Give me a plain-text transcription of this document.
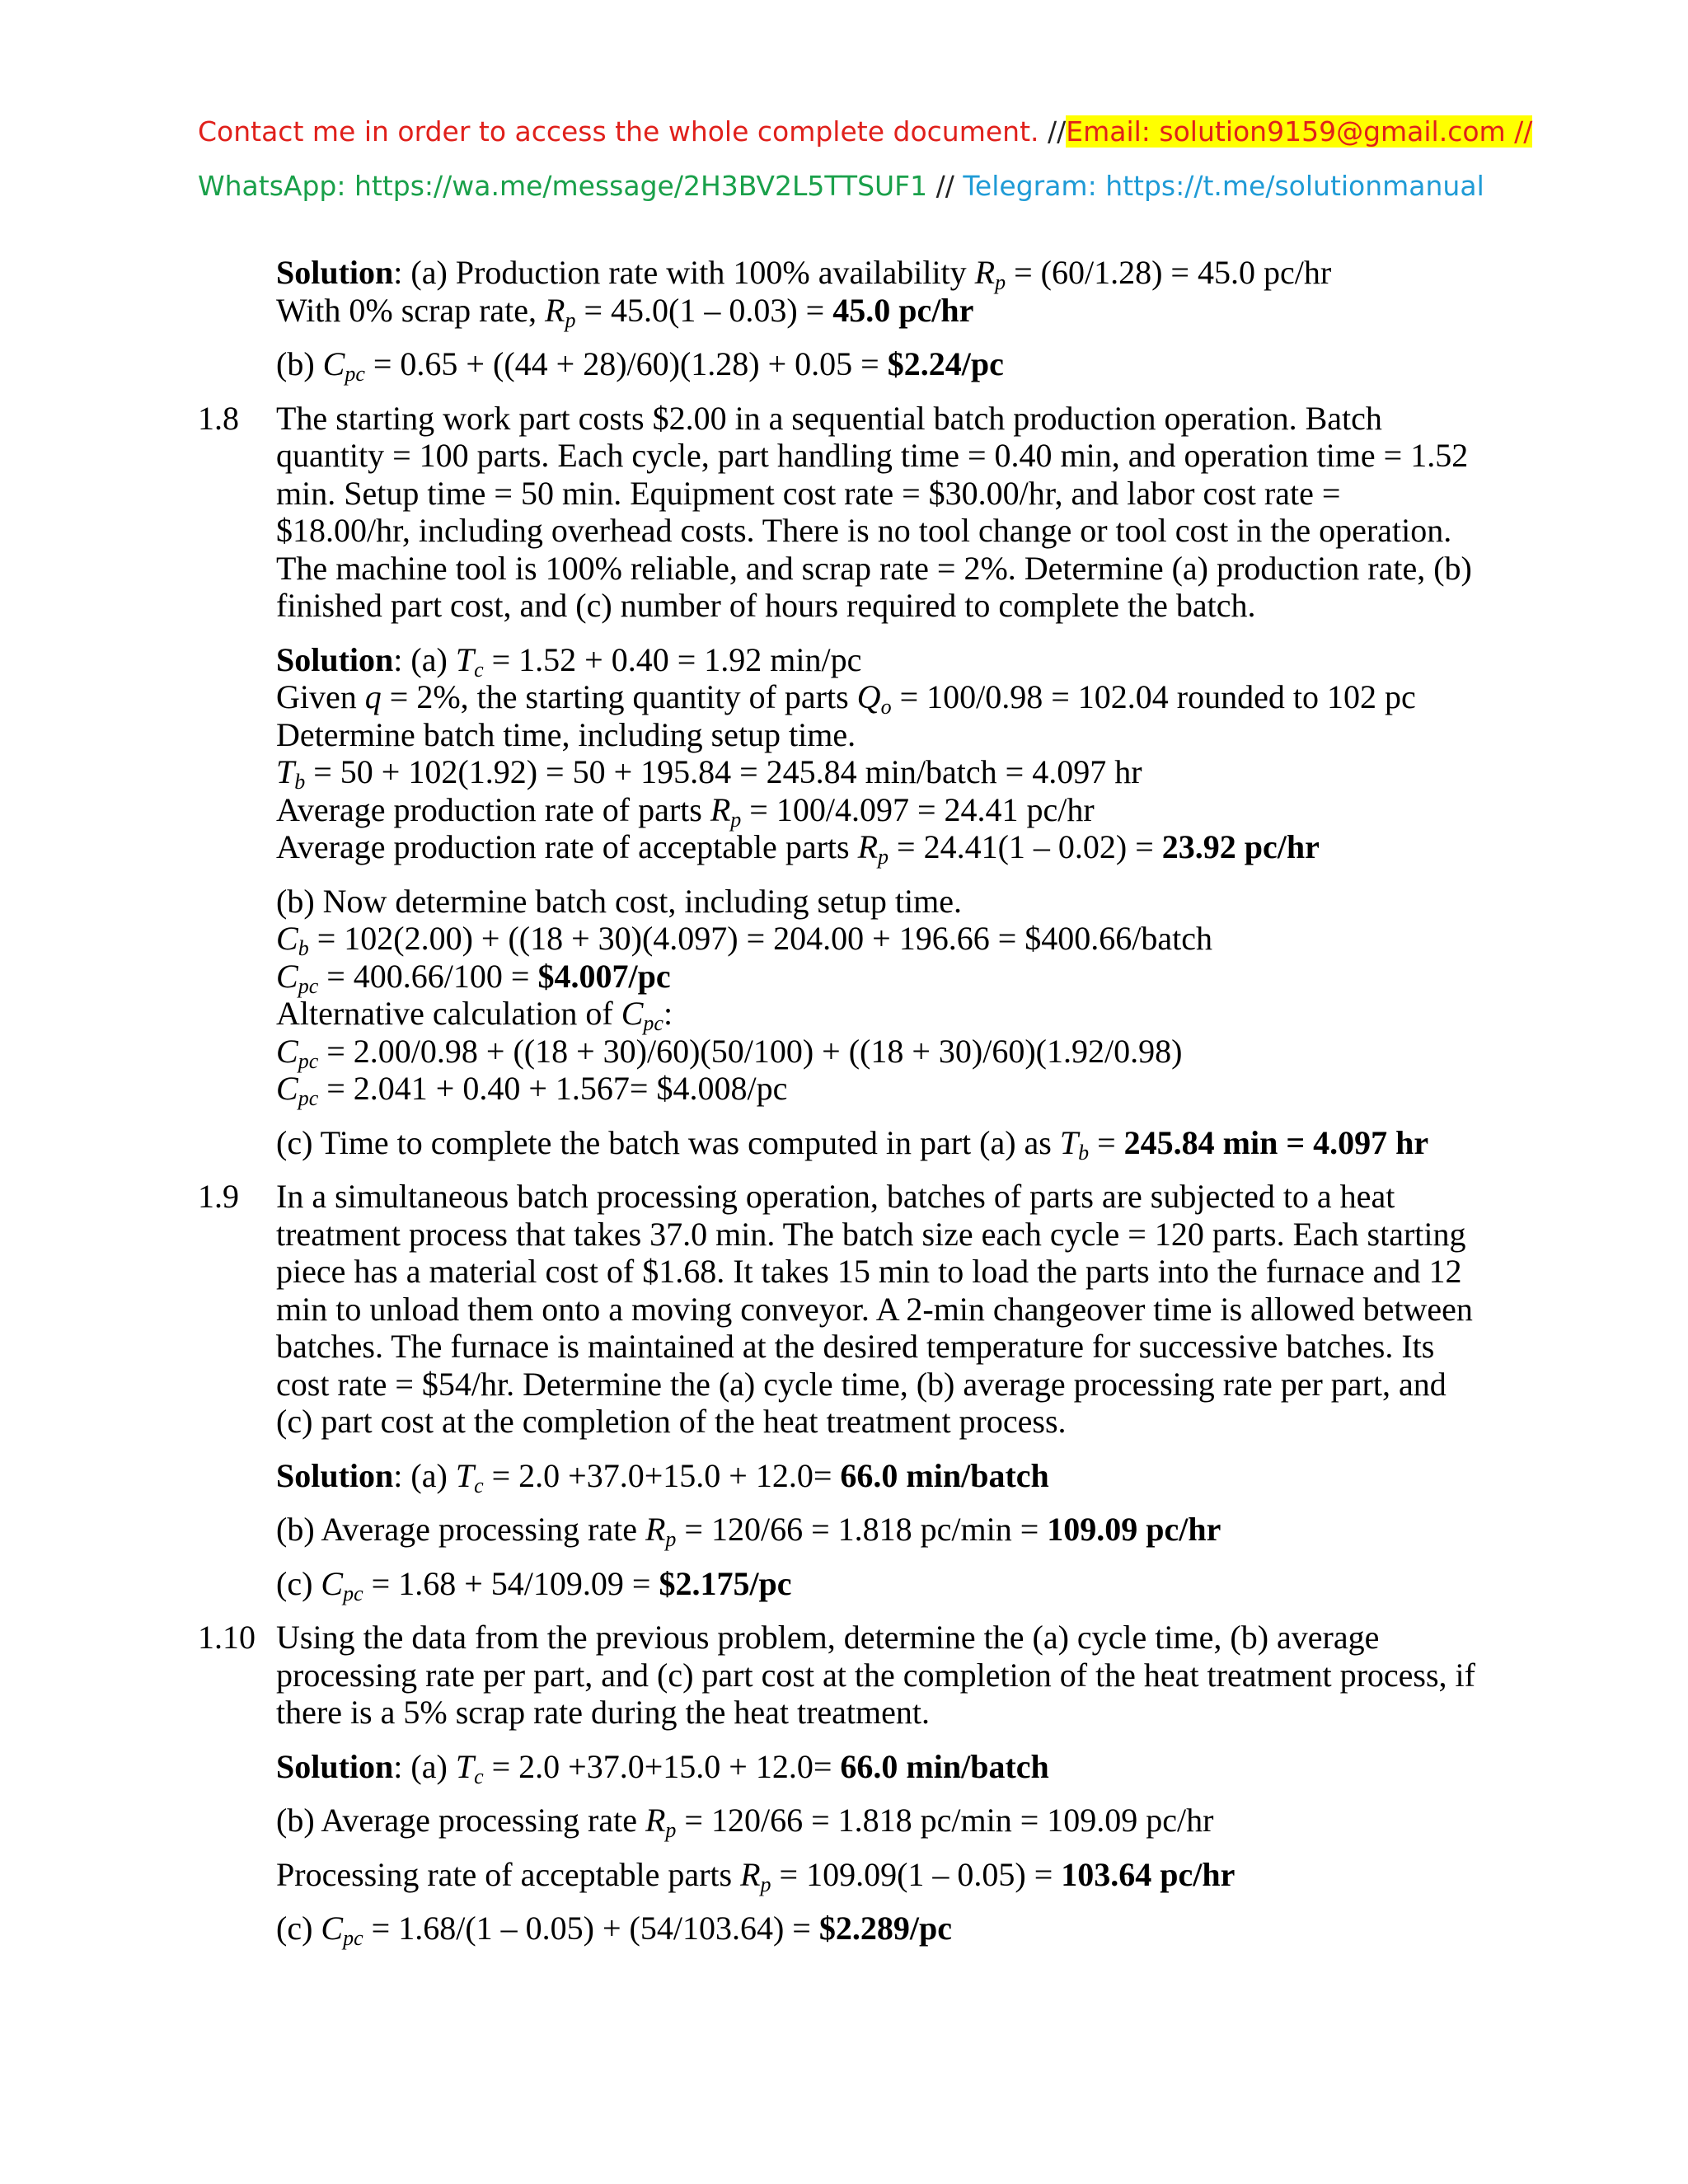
Contact me in order to access the whole complete document. //Email: solution9159@gmail.com //
WhatsApp: https://wa.me/message/2H3BV2L5TTSUF1 // Telegram: https://t.me/solutionmanual
Solution: (a) Production rate with 100% availability $R_p = (60/1.28) = 45.0$ pc/hr
With 0% scrap rate, $R_p = 45.0(1 - 0.03) = 45.0$ pc/hr
(b) $C_{pc} = 0.65 + ((44 + 28)/60)(1.28) + 0.05$ = $2.24/pc
1.8 The starting work part costs $2.00 in a sequential batch production operation. Batch
quantity = 100 parts. Each cycle, part handling time = 0.40 min, and operation time = 1.52
min. Setup time = 50 min. Equipment cost rate = $30.00/hr, and labor cost rate =
$18.00/hr, including overhead costs. There is no tool change or tool cost in the operation.
The machine tool is 100% reliable, and scrap rate = 2%. Determine (a) production rate, (b)
finished part cost, and (c) number of hours required to complete the batch.
Solution: (a) $T_c = 1.52 + 0.40 = 1.92$ min/pc
Given q = 2%, the starting quantity of parts $Q_o = 100/0.98 = 102.04$ rounded to 102 pc
Determine batch time, including setup time.
$T_b = 50 + 102(1.92) = 50 + 195.84 = 245.84$ min/batch = 4.097 hr
Average production rate of parts $R_p = 100/4.097 = 24.41$ pc/hr
Average production rate of acceptable parts $R_p = 24.41(1 - 0.02) = 23.92$ pc/hr
(b) Now determine batch cost, including setup time.
$C_b = 102(2.00) + ((18 + 30)(4.097) = 204.00 + 196.66$ = $400.66/batch
$C_{pc} = 400.66/100$ = $4.007/pc
Alternative calculation of $C_{pc}$:
$C_{pc} = 2.00/0.98 + ((18 + 30)/60)(50/100) + ((18 + 30)/60)(1.92/0.98)$
$C_{pc} = 2.041 + 0.40 + 1.567=$ $4.008/pc
(c) Time to complete the batch was computed in part (a) as $T_b = 245.84$ min = 4.097 hr
1.9 In a simultaneous batch processing operation, batches of parts are subjected to a heat
treatment process that takes 37.0 min. The batch size each cycle = 120 parts. Each starting
piece has a material cost of $1.68. It takes 15 min to load the parts into the furnace and 12
min to unload them onto a moving conveyor. A 2-min changeover time is allowed between
batches. The furnace is maintained at the desired temperature for successive batches. Its
cost rate = $54/hr. Determine the (a) cycle time, (b) average processing rate per part, and
(c) part cost at the completion of the heat treatment process.
Solution: (a) $T_c = 2.0 +37.0+15.0 + 12.0= 66.0$ min/batch
(b) Average processing rate $R_p = 120/66 = 1.818$ pc/min = 109.09 pc/hr
(c) $C_{pc} = 1.68 + 54/109.09$ = $2.175/pc
1.10 Using the data from the previous problem, determine the (a) cycle time, (b) average
processing rate per part, and (c) part cost at the completion of the heat treatment process, if
there is a 5% scrap rate during the heat treatment.
Solution: (a) $T_c = 2.0 +37.0+15.0 + 12.0= 66.0$ min/batch
(b) Average processing rate $R_p = 120/66 = 1.818$ pc/min = 109.09 pc/hr
Processing rate of acceptable parts $R_p = 109.09(1 - 0.05) = 103.64$ pc/hr
(c) $C_{pc} = 1.68/(1 - 0.05) + (54/103.64)$ = $2.289/pc
